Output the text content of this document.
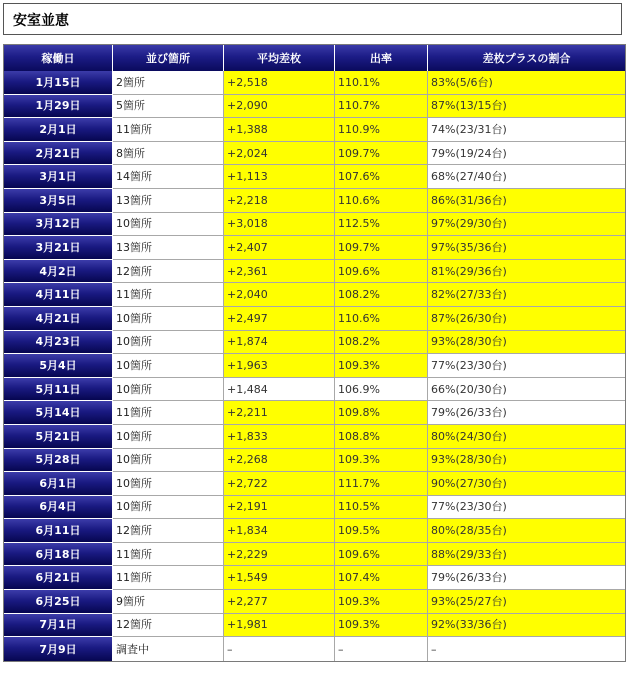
安室並恵
稼働日	並び箇所	平均差枚	出率	差枚プラスの割合
1月15日	2箇所	+2,518	110.1%	83%(5/6台)
1月29日	5箇所	+2,090	110.7%	87%(13/15台)
2月1日	11箇所	+1,388	110.9%	74%(23/31台)
2月21日	8箇所	+2,024	109.7%	79%(19/24台)
3月1日	14箇所	+1,113	107.6%	68%(27/40台)
3月5日	13箇所	+2,218	110.6%	86%(31/36台)
3月12日	10箇所	+3,018	112.5%	97%(29/30台)
3月21日	13箇所	+2,407	109.7%	97%(35/36台)
4月2日	12箇所	+2,361	109.6%	81%(29/36台)
4月11日	11箇所	+2,040	108.2%	82%(27/33台)
4月21日	10箇所	+2,497	110.6%	87%(26/30台)
4月23日	10箇所	+1,874	108.2%	93%(28/30台)
5月4日	10箇所	+1,963	109.3%	77%(23/30台)
5月11日	10箇所	+1,484	106.9%	66%(20/30台)
5月14日	11箇所	+2,211	109.8%	79%(26/33台)
5月21日	10箇所	+1,833	108.8%	80%(24/30台)
5月28日	10箇所	+2,268	109.3%	93%(28/30台)
6月1日	10箇所	+2,722	111.7%	90%(27/30台)
6月4日	10箇所	+2,191	110.5%	77%(23/30台)
6月11日	12箇所	+1,834	109.5%	80%(28/35台)
6月18日	11箇所	+2,229	109.6%	88%(29/33台)
6月21日	11箇所	+1,549	107.4%	79%(26/33台)
6月25日	9箇所	+2,277	109.3%	93%(25/27台)
7月1日	12箇所	+1,981	109.3%	92%(33/36台)
7月9日	調査中	–	–	–
